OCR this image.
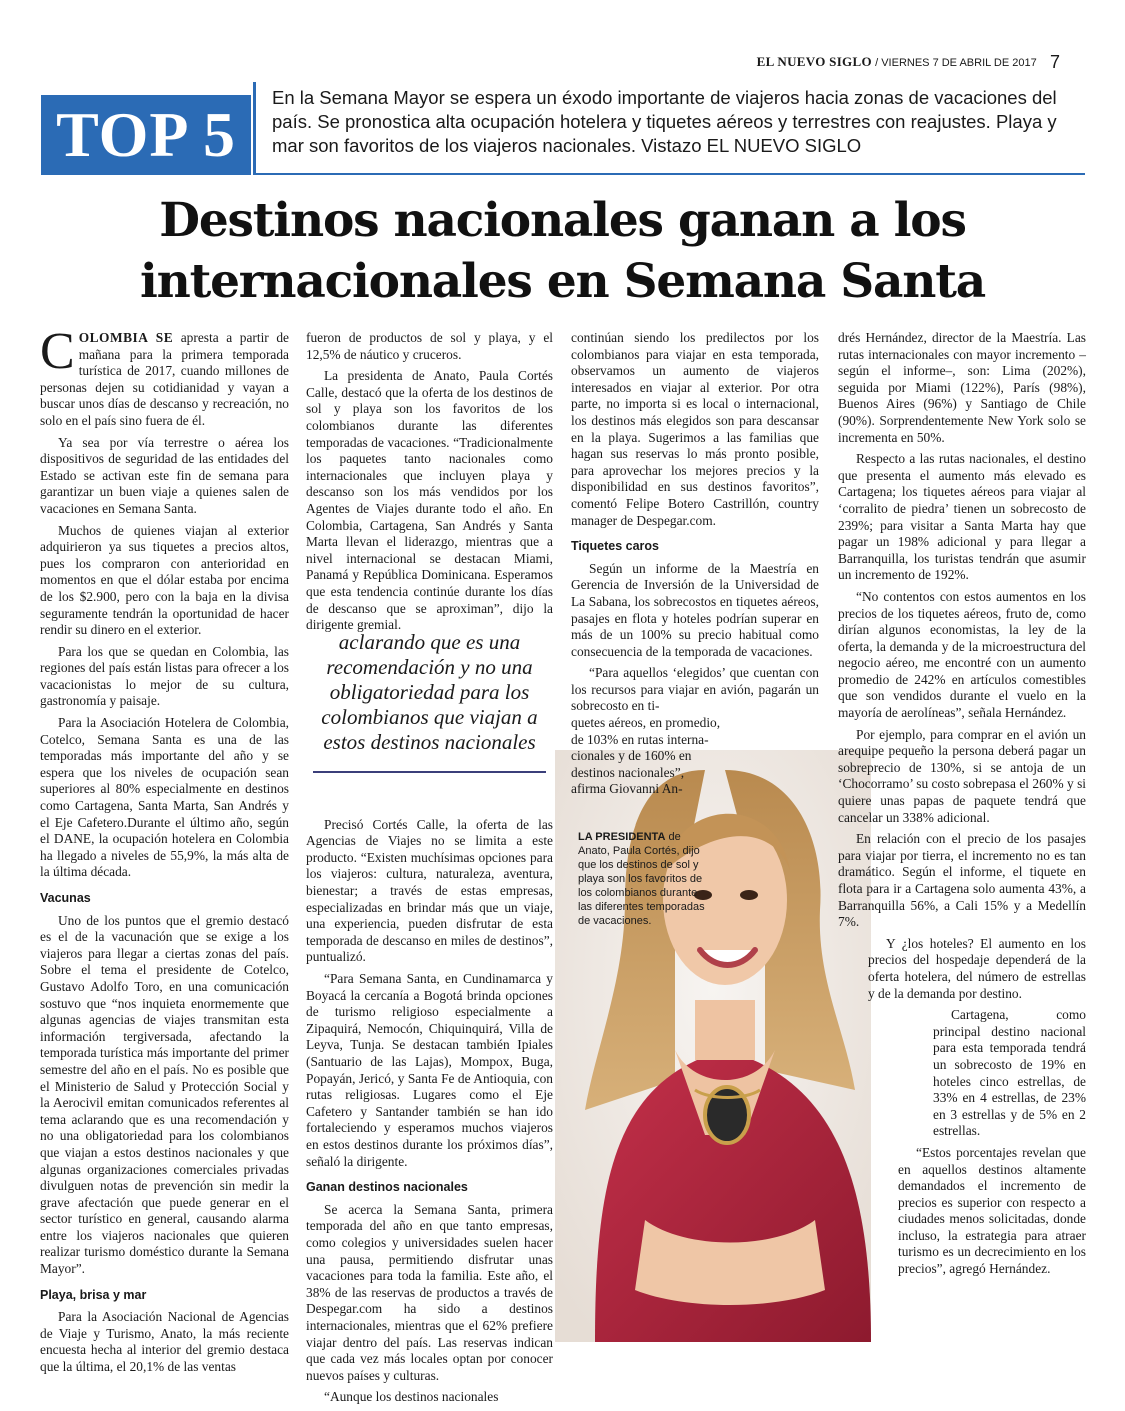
EL NUEVO SIGLO / VIERNES 7 DE ABRIL DE 2017 7
TOP 5
En la Semana Mayor se espera un éxodo importante de viajeros hacia zonas de vacaciones del país. Se pronostica alta ocupación hotelera y tiquetes aéreos y terrestres con reajustes. Playa y mar son favoritos de los viajeros nacionales. Vistazo EL NUEVO SIGLO
Destinos nacionales ganan a los
internacionales en Semana Santa

COLOMBIA SE apresta a partir de mañana para la primera temporada turística de 2017, cuando millones de personas dejen su cotidianidad y vayan a buscar unos días de descanso y recreación, no solo en el país sino fuera de él.

Ya sea por vía terrestre o aérea los dispositivos de seguridad de las entidades del Estado se activan este fin de semana para garantizar un buen viaje a quienes salen de vacaciones en Semana Santa.

Muchos de quienes viajan al exterior adquirieron ya sus tiquetes a precios altos, pues los compraron con anterioridad en momentos en que el dólar estaba por encima de los $2.900, pero con la baja en la divisa seguramente tendrán la oportunidad de hacer rendir su dinero en el exterior.

Para los que se quedan en Colombia, las regiones del país están listas para ofrecer a los vacacionistas lo mejor de su cultura, gastronomía y paisaje.

Para la Asociación Hotelera de Colombia, Cotelco, Semana Santa es una de las temporadas más importante del año y se espera que los niveles de ocupación sean superiores al 80% especialmente en destinos como Cartagena, Santa Marta, San Andrés y el Eje Cafetero.Durante el último año, según el DANE, la ocupación hotelera en Colombia ha llegado a niveles de 55,9%, la más alta de la última década.

Vacunas

Uno de los puntos que el gremio destacó es el de la vacunación que se exige a los viajeros para llegar a ciertas zonas del país. Sobre el tema el presidente de Cotelco, Gustavo Adolfo Toro, en una comunicación sostuvo que “nos inquieta enormemente que algunas agencias de viajes transmitan esta información tergiversada, afectando la temporada turística más importante del primer semestre del año en el país. No es posible que el Ministerio de Salud y Protección Social y la Aerocivil emitan comunicados referentes al tema aclarando que es una recomendación y no una obligatoriedad para los colombianos que viajan a estos destinos nacionales y que algunas organizaciones comerciales privadas divulguen notas de prevención sin medir la grave afectación que puede generar en el sector turístico en general, causando alarma entre los viajeros nacionales que quieren realizar turismo doméstico durante la Semana Mayor”.

Playa, brisa y mar

Para la Asociación Nacional de Agencias de Viaje y Turismo, Anato, la más reciente encuesta hecha al interior del gremio destaca que la última, el 20,1% de las ventas

fueron de productos de sol y playa, y el 12,5% de náutico y cruceros.

La presidenta de Anato, Paula Cortés Calle, destacó que la oferta de los destinos de sol y playa son los favoritos de los colombianos durante las diferentes temporadas de vacaciones. “Tradicionalmente los paquetes tanto nacionales como internacionales que incluyen playa y descanso son los más vendidos por los Agentes de Viajes durante todo el año. En Colombia, Cartagena, San Andrés y Santa Marta llevan el liderazgo, mientras que a nivel internacional se destacan Miami, Panamá y República Dominicana. Esperamos que esta tendencia continúe durante los días de descanso que se aproximan”, dijo la dirigente gremial.

Precisó Cortés Calle, la oferta de las Agencias de Viajes no se limita a este producto. “Existen muchísimas opciones para los viajeros: cultura, naturaleza, aventura, bienestar; a través de estas empresas, especializadas en brindar más que un viaje, una experiencia, pueden disfrutar de esta temporada de descanso en miles de destinos”, puntualizó.

“Para Semana Santa, en Cundinamarca y Boyacá la cercanía a Bogotá brinda opciones de turismo religioso especialmente a Zipaquirá, Nemocón, Chiquinquirá, Villa de Leyva, Tunja. Se destacan también Ipiales (Santuario de las Lajas), Mompox, Buga, Popayán, Jericó, y Santa Fe de Antioquia, con rutas religiosas. Lugares como el Eje Cafetero y Santander también se han ido fortaleciendo y esperamos muchos viajeros en estos destinos durante los próximos días”, señaló la dirigente.

Ganan destinos nacionales

Se acerca la Semana Santa, primera temporada del año en que tanto empresas, como colegios y universidades suelen hacer una pausa, permitiendo disfrutar unas vacaciones para toda la familia. Este año, el 38% de las reservas de productos a través de Despegar.com ha sido a destinos internacionales, mientras que el 62% prefiere viajar dentro del país. Las reservas indican que cada vez más locales optan por conocer nuevos países y culturas.

“Aunque los destinos nacionales

aclarando que es una recomendación y no una obligatoriedad para los colombianos que viajan a estos destinos nacionales
LA PRESIDENTA de Anato, Paula Cortés, dijo que los destinos de sol y playa son los favoritos de los colombianos durante las diferentes temporadas de vacaciones.

continúan siendo los predilectos por los colombianos para viajar en esta temporada, observamos un aumento de viajeros interesados en viajar al exterior. Por otra parte, no importa si es local o internacional, los destinos más elegidos son para descansar en la playa. Sugerimos a las familias que hagan sus reservas lo más pronto posible, para aprovechar los mejores precios y la disponibilidad en sus destinos favoritos”, comentó Felipe Botero Castrillón, country manager de Despegar.com.

Tiquetes caros

Según un informe de la Maestría en Gerencia de Inversión de la Universidad de La Sabana, los sobrecostos en tiquetes aéreos, pasajes en flota y hoteles podrían superar en más de un 100% su precio habitual como consecuencia de la temporada de vacaciones.

“Para aquellos ‘elegidos’ que cuentan con los recursos para viajar en avión, pagarán un sobrecosto en ti-

quetes aéreos, en promedio,
de 103% en rutas interna-
cionales y de 160% en
destinos nacionales”,
afirma Giovanni An-

drés Hernández, director de la Maestría. Las rutas internacionales con mayor incremento –según el informe–, son: Lima (202%), seguida por Miami (122%), París (98%), Buenos Aires (96%) y Santiago de Chile (90%). Sorprendentemente New York solo se incrementa en 50%.

Respecto a las rutas nacionales, el destino que presenta el aumento más elevado es Cartagena; los tiquetes aéreos para viajar al ‘corralito de piedra’ tienen un sobrecosto de 239%; para visitar a Santa Marta hay que pagar un 198% adicional y para llegar a Barranquilla, los turistas tendrán que asumir un incremento de 192%.

“No contentos con estos aumentos en los precios de los tiquetes aéreos, fruto de, como dirían algunos economistas, la ley de la oferta, la demanda y de la microestructura del negocio aéreo, me encontré con un aumento promedio de 242% en artículos comestibles que son vendidos durante el vuelo en la mayoría de aerolíneas”, señala Hernández.

Por ejemplo, para comprar en el avión un arequipe pequeño la persona deberá pagar un sobreprecio de 130%, si se antoja de un ‘Chocorramo’ su costo sobrepasa el 260% y si quiere unas papas de paquete tendrá que cancelar un 338% adicional.

En relación con el precio de los pasajes para viajar por tierra, el incremento no es tan dramático. Según el informe, el tiquete en flota para ir a Cartagena solo aumenta 43%, a Barranquilla 56%, a Cali 15% y a Medellín 7%.

Y ¿los hoteles? El aumento en los precios del hospedaje dependerá de la oferta hotelera, del número de estrellas y de la demanda por destino.

Cartagena, como principal destino nacional para esta temporada tendrá un sobrecosto de 19% en hoteles cinco estrellas, de 33% en 4 estrellas, de 23% en 3 estrellas y de 5% en 2 estrellas.

“Estos porcentajes revelan que en aquellos destinos altamente demandados el incremento de precios es superior con respecto a ciudades menos solicitadas, donde incluso, la estrategia para atraer turismo es un decrecimiento en los precios”, agregó Hernández.
